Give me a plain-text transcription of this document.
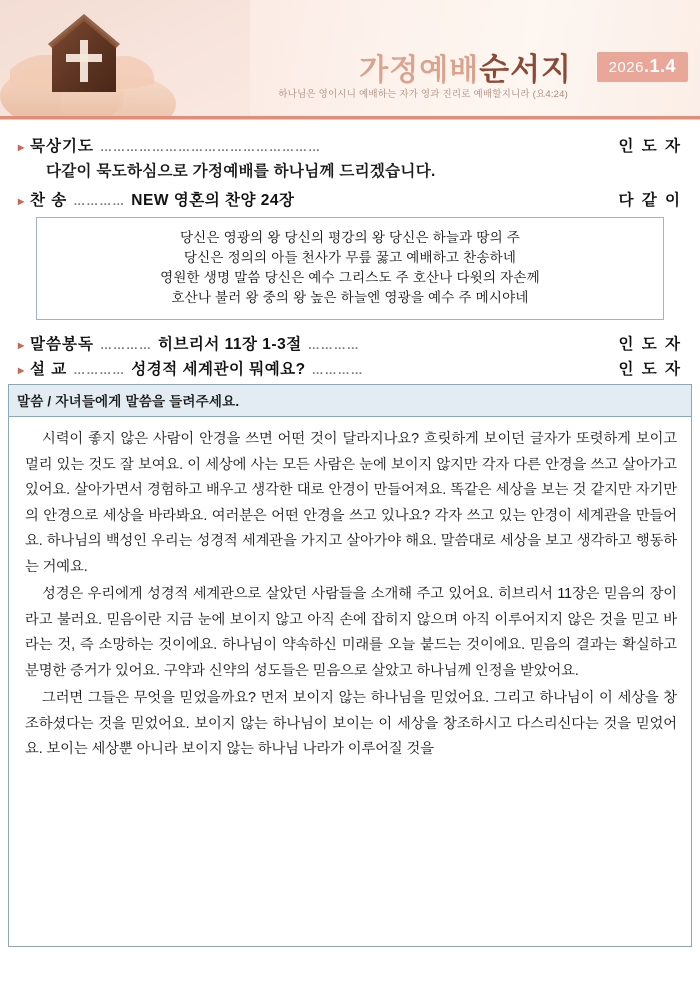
가정예배순서지
하나님은 영이시니 예배하는 자가 영과 진리로 예배할지니라 (요4:24)
2026.1.4
▸ 묵상기도 ……………………………………………	인 도 자
다같이 묵도하심으로 가정예배를 하나님께 드리겠습니다.
▸ 찬 송 ………… NEW 영혼의 찬양 24장	다 같 이
당신은 영광의 왕 당신의 평강의 왕 당신은 하늘과 땅의 주
당신은 정의의 아들 천사가 무릎 꿇고 예배하고 찬송하네
영원한 생명 말씀 당신은 예수 그리스도 주 호산나 다윗의 자손께
호산나 불러 왕 중의 왕 높은 하늘엔 영광을 예수 주 메시야네
▸ 말씀봉독 ………… 히브리서 11장 1-3절 …………	인 도 자
▸ 설 교 ………… 성경적 세계관이 뭐예요? …………	인 도 자
말씀 / 자녀들에게 말씀을 들려주세요.

시력이 좋지 않은 사람이 안경을 쓰면 어떤 것이 달라지나요? 흐릿하게 보이던 글자가 또렷하게 보이고 멀리 있는 것도 잘 보여요. 이 세상에 사는 모든 사람은 눈에 보이지 않지만 각자 다른 안경을 쓰고 살아가고 있어요. 살아가면서 경험하고 배우고 생각한 대로 안경이 만들어져요. 똑같은 세상을 보는 것 같지만 자기만의 안경으로 세상을 바라봐요. 여러분은 어떤 안경을 쓰고 있나요? 각자 쓰고 있는 안경이 세계관을 만들어요. 하나님의 백성인 우리는 성경적 세계관을 가지고 살아가야 해요. 말씀대로 세상을 보고 생각하고 행동하는 거예요.

성경은 우리에게 성경적 세계관으로 살았던 사람들을 소개해 주고 있어요. 히브리서 11장은 믿음의 장이라고 불러요. 믿음이란 지금 눈에 보이지 않고 아직 손에 잡히지 않으며 아직 이루어지지 않은 것을 믿고 바라는 것, 즉 소망하는 것이에요. 하나님이 약속하신 미래를 오늘 붙드는 것이에요. 믿음의 결과는 확실하고 분명한 증거가 있어요. 구약과 신약의 성도들은 믿음으로 살았고 하나님께 인정을 받았어요.

그러면 그들은 무엇을 믿었을까요? 먼저 보이지 않는 하나님을 믿었어요. 그리고 하나님이 이 세상을 창조하셨다는 것을 믿었어요. 보이지 않는 하나님이 보이는 이 세상을 창조하시고 다스리신다는 것을 믿었어요. 보이는 세상뿐 아니라 보이지 않는 하나님 나라가 이루어질 것을
